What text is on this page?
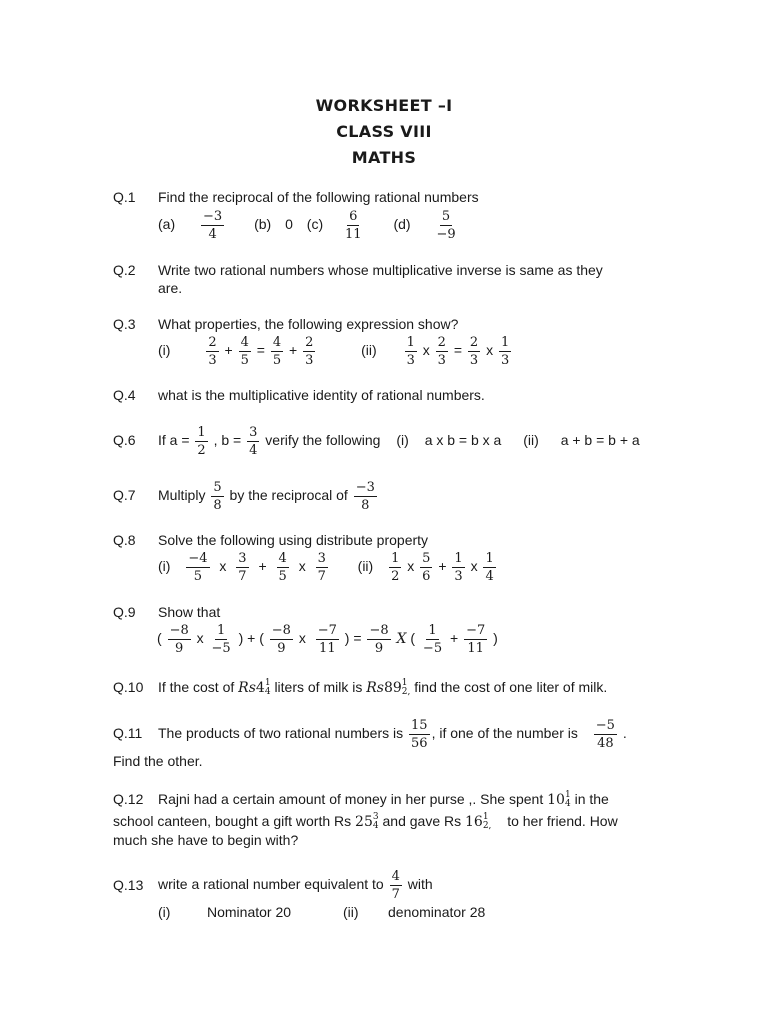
WORKSHEET –I
CLASS VIII
MATHS
Q.1 Find the reciprocal of the following rational numbers
$(a) \frac{-3}{4} (b)$ 0 $(c) \frac{6}{11} (d) \frac{5}{-9}$
Q.2 Write two rational numbers whose multiplicative inverse is same as they
are.
Q.3 What properties, the following expression show?
(i)	$\frac{2}{3} + \frac{4}{5} = \frac{4}{5} + \frac{2}{3}$	$(ii) \frac{1}{3}$ x $\frac{2}{3} = \frac{2}{3}$ x $\frac{1}{3}$
Q.4 what is the multiplicative identity of rational numbers.
Q.6 If $a = \frac{1}{2}$ , $b = \frac{3}{4}$ verify the following (i) a x b = b x a (ii) a + b = b + a
Q.7 Multiply $\frac{5}{8}$ by the reciprocal of $\frac{-3}{8}$
Q.8 Solve the following using distribute property
$(i) \frac{-4}{5}$ x $\frac{3}{7} + \frac{4}{5}$ x $\frac{3}{7} (ii) \frac{1}{2}$ x $\frac{5}{6} + \frac{1}{3}$ x $\frac{1}{4}$
Q.9 Show that
( $\frac{-8}{9}$ x $\frac{1}{-5}$ ) + ( $\frac{-8}{9}$ x $\frac{-7}{11}$ ) = $\frac{-8}{9}$ X ( $\frac{1}{-5} + \frac{-7}{11}$ )
Q.10 If the cost of Rs4 1
4 liters of milk is Rs89 1
2, find the cost of one liter of milk.
Q.11 The products of two rational numbers is $\frac{15}{56}$ , if one of the number is $\frac{-5}{48}$ .
Find the other.
Q.12 Rajni had a certain amount of money in her purse ,. She spent 10 1
4 in the
school canteen, bought a gift worth Rs 25 3
4 and gave Rs 16 1
2, to her friend. How
much she have to begin with?
Q.13 write a rational number equivalent to $\frac{4}{7}$ with
(i)	Nominator 20	(ii) denominator 28
